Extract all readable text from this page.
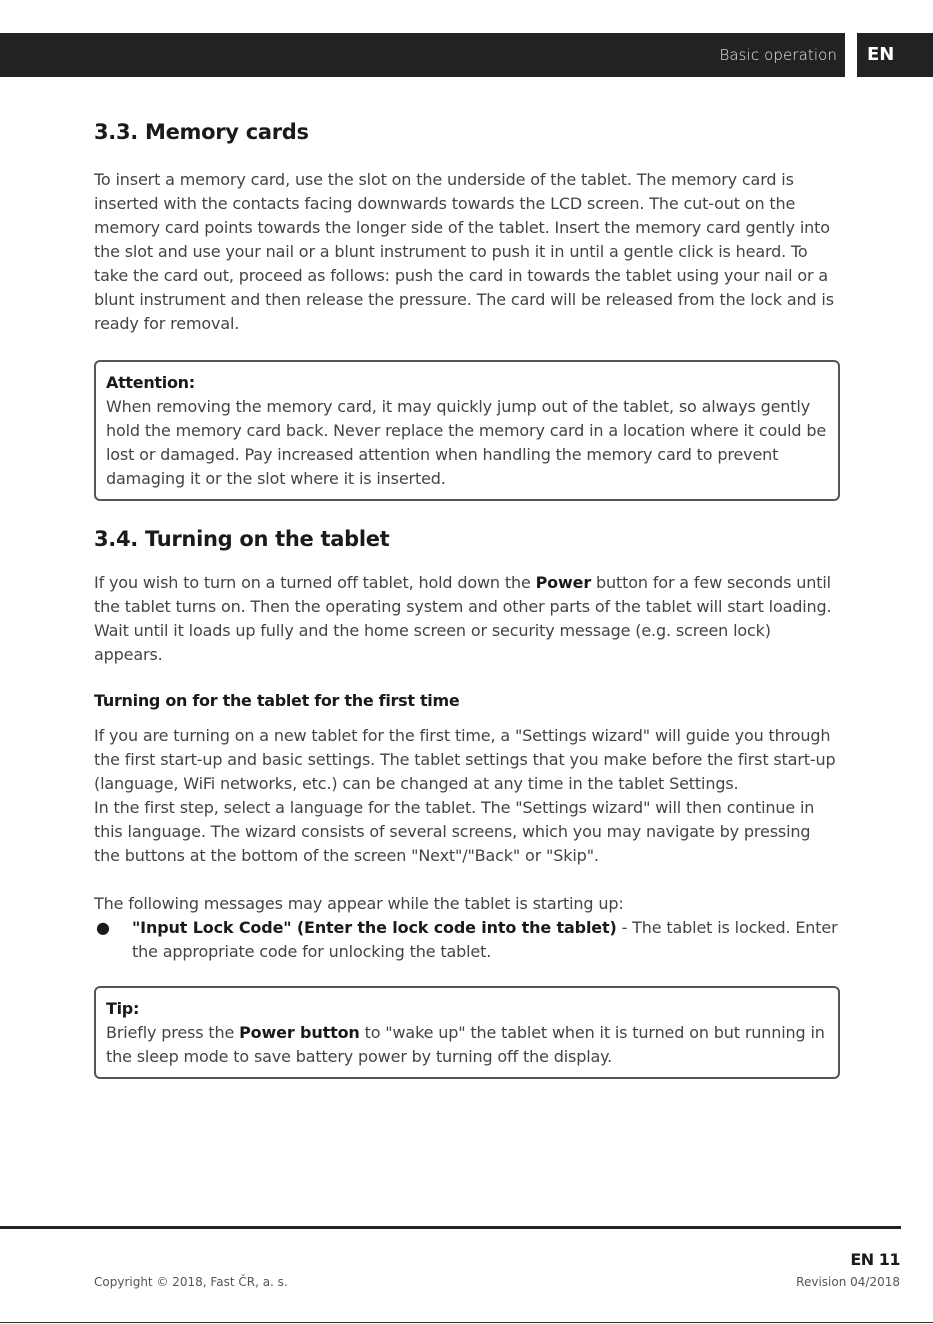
Basic operation EN
3.3. Memory cards

To insert a memory card, use the slot on the underside of the tablet. The memory card is inserted with the contacts facing downwards towards the LCD screen. The cut-out on the memory card points towards the longer side of the tablet. Insert the memory card gently into the slot and use your nail or a blunt instrument to push it in until a gentle click is heard. To take the card out, proceed as follows: push the card in towards the tablet using your nail or a blunt instrument and then release the pressure. The card will be released from the lock and is ready for removal.

Attention:

When removing the memory card, it may quickly jump out of the tablet, so always gently hold the memory card back. Never replace the memory card in a location where it could be lost or damaged. Pay increased attention when handling the memory card to prevent damaging it or the slot where it is inserted.

3.4. Turning on the tablet

If you wish to turn on a turned off tablet, hold down the Power button for a few seconds until the tablet turns on. Then the operating system and other parts of the tablet will start loading. Wait until it loads up fully and the home screen or security message (e.g. screen lock) appears.

Turning on for the tablet for the first time

If you are turning on a new tablet for the first time, a "Settings wizard" will guide you through the first start-up and basic settings. The tablet settings that you make before the first start-up (language, WiFi networks, etc.) can be changed at any time in the tablet Settings.

In the first step, select a language for the tablet. The "Settings wizard" will then continue in this language. The wizard consists of several screens, which you may navigate by pressing the buttons at the bottom of the screen "Next"/"Back" or "Skip".

The following messages may appear while the tablet is starting up:

● "Input Lock Code" (Enter the lock code into the tablet) - The tablet is locked. Enter the appropriate code for unlocking the tablet.

Tip:

Briefly press the Power button to "wake up" the tablet when it is turned on but running in the sleep mode to save battery power by turning off the display.

EN 11
Copyright © 2018, Fast ČR, a. s.	Revision 04/2018
